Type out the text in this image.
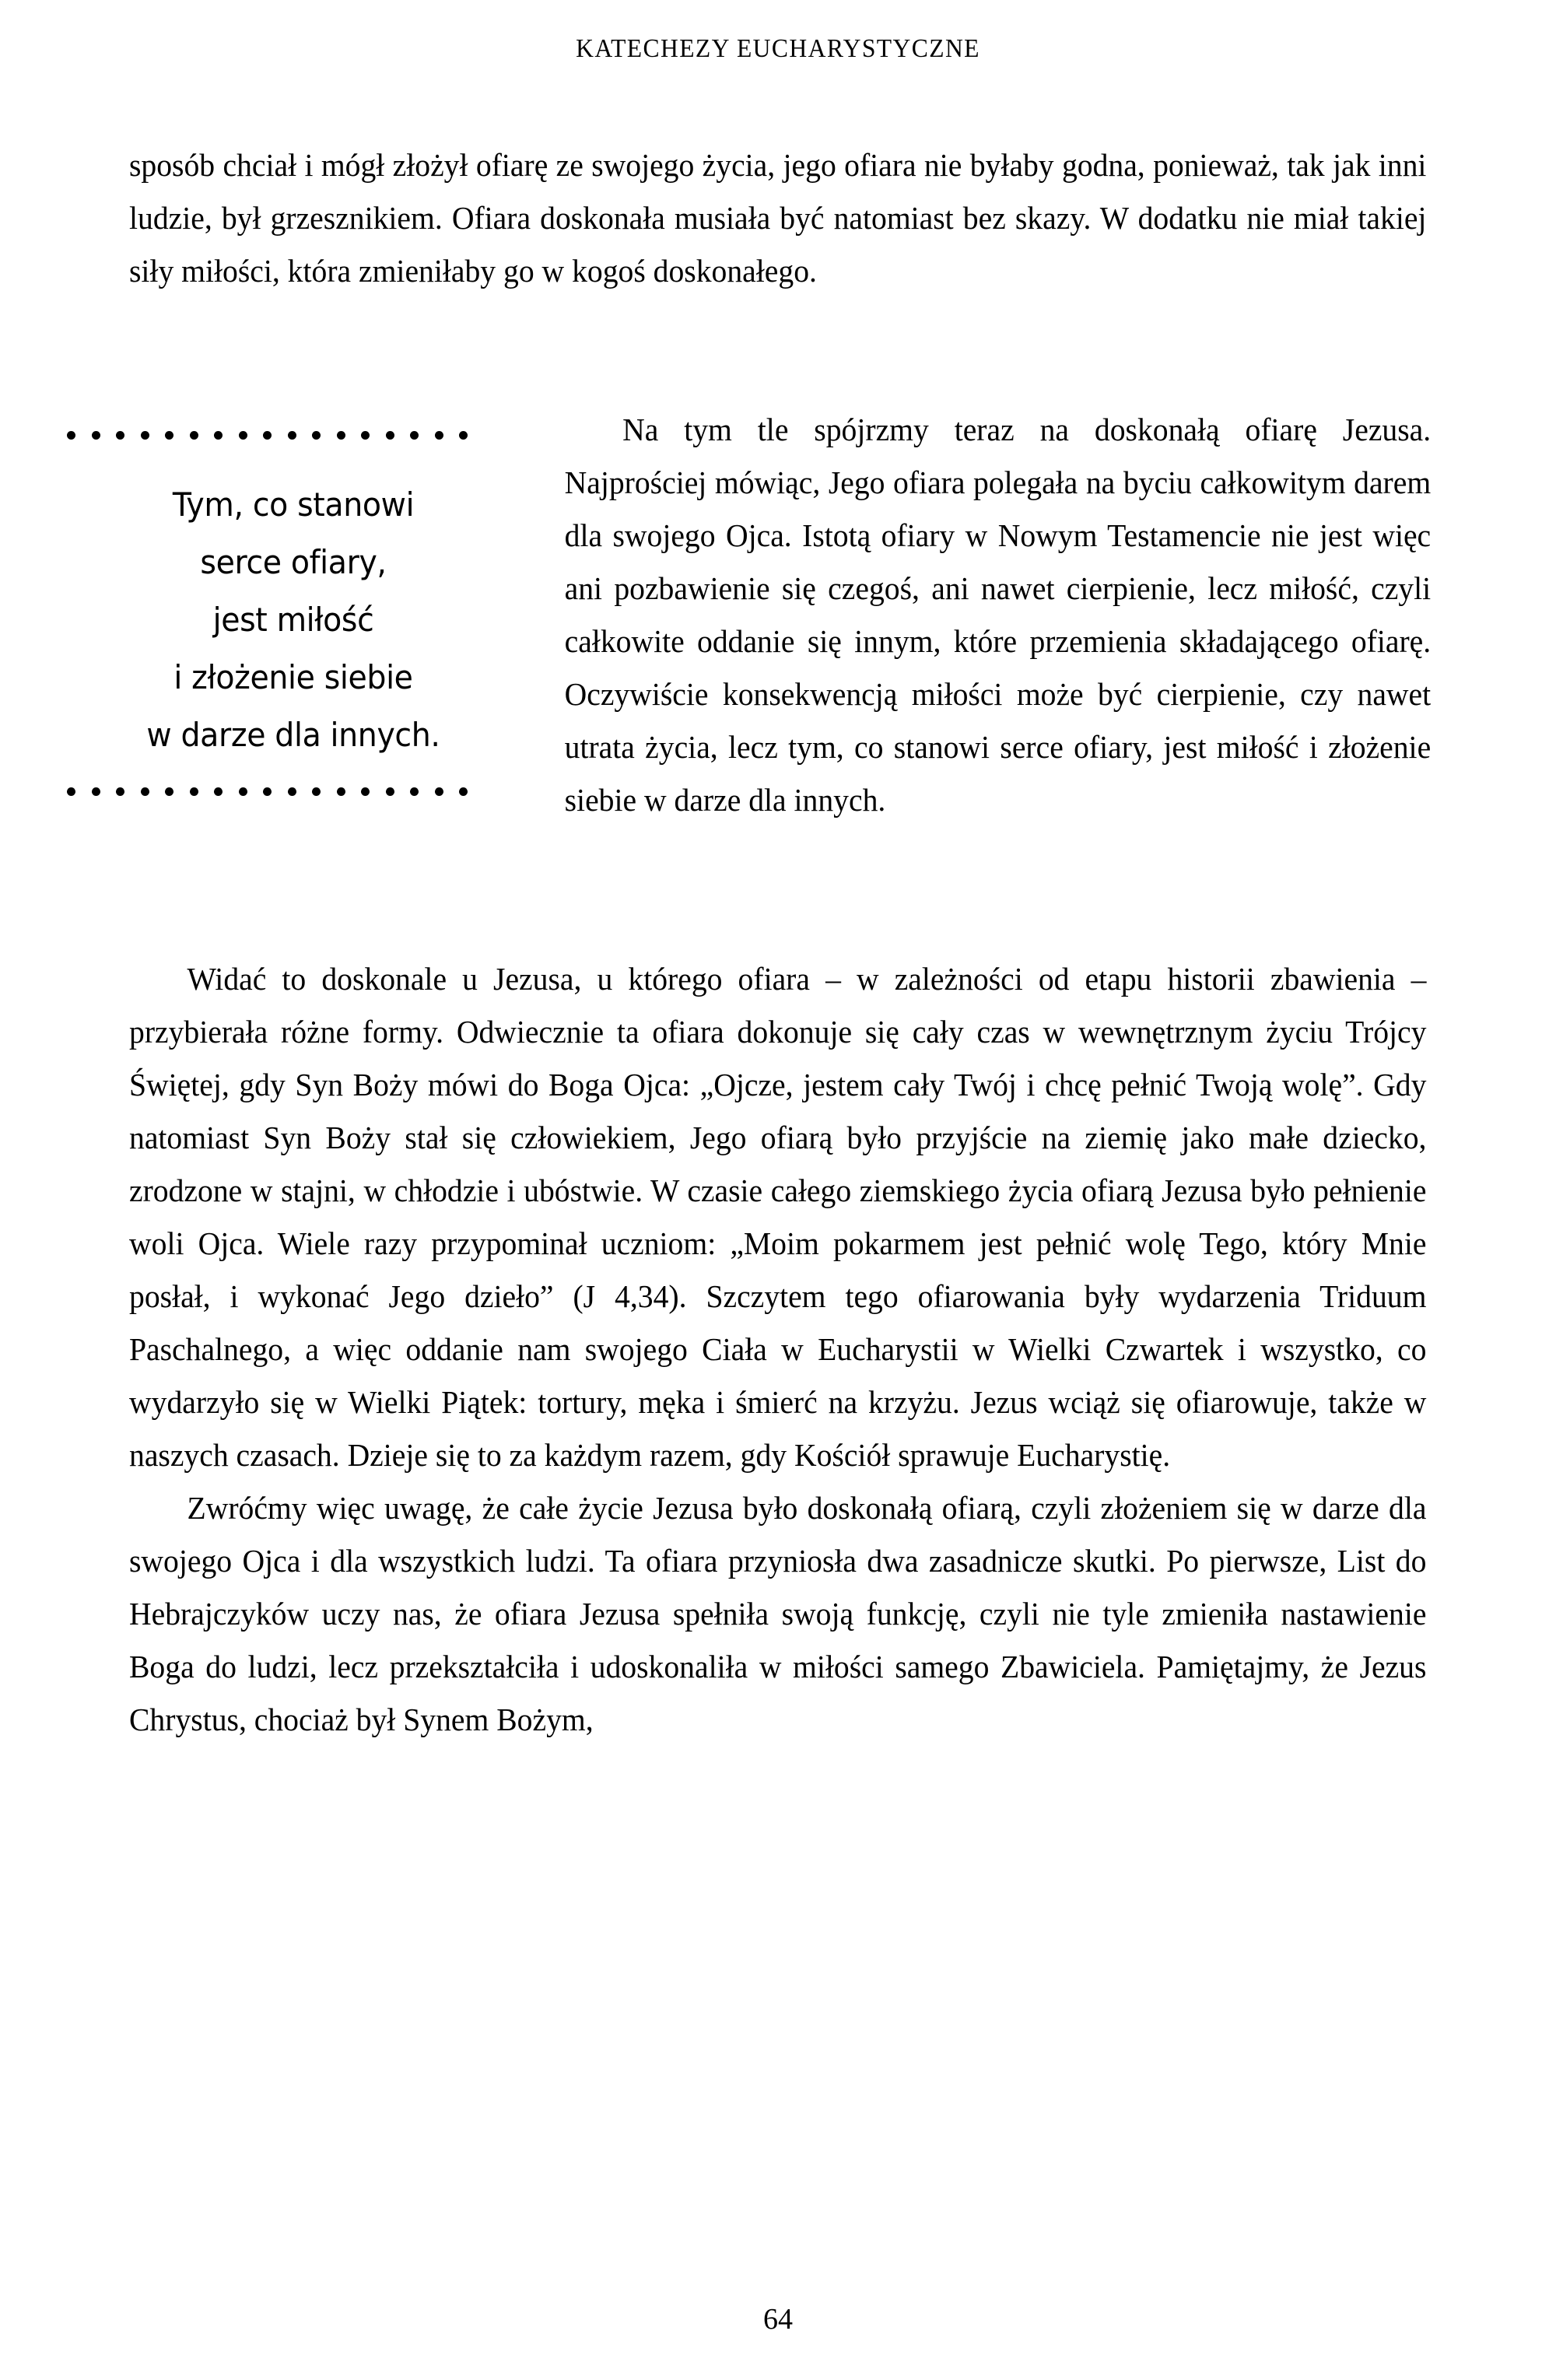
KATECHEZY EUCHARYSTYCZNE

sposób chciał i mógł złożył ofiarę ze swojego życia, jego ofiara nie byłaby godna, ponieważ, tak jak inni ludzie, był grzesznikiem. Ofiara doskonała musiała być natomiast bez skazy. W dodatku nie miał takiej siły miłości, która zmieniłaby go w kogoś doskonałego.

Na tym tle spójrzmy teraz na doskonałą ofiarę Jezusa. Najprościej mówiąc, Jego ofiara polegała na byciu całkowitym darem dla swojego Ojca. Istotą ofiary w Nowym Testamencie nie jest więc ani pozbawienie się czegoś, ani nawet cierpienie, lecz miłość, czyli całkowite oddanie się innym, które przemienia składającego ofiarę. Oczywiście konsekwencją miłości może być cierpienie, czy nawet utrata życia, lecz tym, co stanowi serce ofiary, jest miłość i złożenie siebie w darze dla innych.

Tym, co stanowi
serce ofiary,
jest miłość
i złożenie siebie
w darze dla innych.

Widać to doskonale u Jezusa, u którego ofiara – w zależności od etapu historii zbawienia – przybierała różne formy. Odwiecznie ta ofiara dokonuje się cały czas w wewnętrznym życiu Trójcy Świętej, gdy Syn Boży mówi do Boga Ojca: „Ojcze, jestem cały Twój i chcę pełnić Twoją wolę”. Gdy natomiast Syn Boży stał się człowiekiem, Jego ofiarą było przyjście na ziemię jako małe dziecko, zrodzone w stajni, w chłodzie i ubóstwie. W czasie całego ziemskiego życia ofiarą Jezusa było pełnienie woli Ojca. Wiele razy przypominał uczniom: „Moim pokarmem jest pełnić wolę Tego, który Mnie posłał, i wykonać Jego dzieło” (J 4,34). Szczytem tego ofiarowania były wydarzenia Triduum Paschalnego, a więc oddanie nam swojego Ciała w Eucharystii w Wielki Czwartek i wszystko, co wydarzyło się w Wielki Piątek: tortury, męka i śmierć na krzyżu. Jezus wciąż się ofiarowuje, także w naszych czasach. Dzieje się to za każdym razem, gdy Kościół sprawuje Eucharystię.

Zwróćmy więc uwagę, że całe życie Jezusa było doskonałą ofiarą, czyli złożeniem się w darze dla swojego Ojca i dla wszystkich ludzi. Ta ofiara przyniosła dwa zasadnicze skutki. Po pierwsze, List do Hebrajczyków uczy nas, że ofiara Jezusa spełniła swoją funkcję, czyli nie tyle zmieniła nastawienie Boga do ludzi, lecz przekształciła i udoskonaliła w miłości samego Zbawiciela. Pamiętajmy, że Jezus Chrystus, chociaż był Synem Bożym,

64
